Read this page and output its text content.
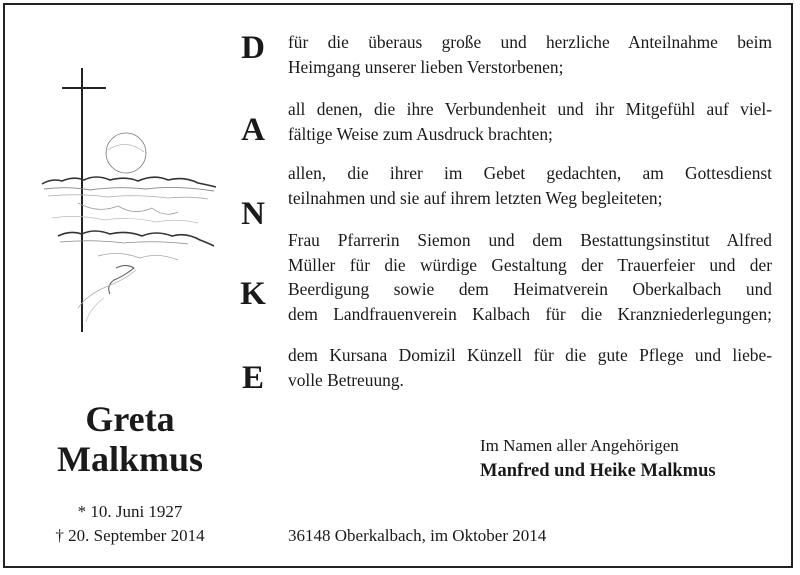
D
A
N
K
E
für die überaus große und herzliche Anteilnahme beim
Heimgang unserer lieben Verstorbenen;
all denen, die ihre Verbundenheit und ihr Mitgefühl auf viel-
fältige Weise zum Ausdruck brachten;
allen, die ihrer im Gebet gedachten, am Gottesdienst
teilnahmen und sie auf ihrem letzten Weg begleiteten;
Frau Pfarrerin Siemon und dem Bestattungsinstitut Alfred
Müller für die würdige Gestaltung der Trauerfeier und der
Beerdigung sowie dem Heimatverein Oberkalbach und
dem Landfrauenverein Kalbach für die Kranzniederlegungen;
dem Kursana Domizil Künzell für die gute Pflege und liebe-
volle Betreuung.
Greta
Malkmus
* 10. Juni 1927
† 20. September 2014
Im Namen aller Angehörigen
Manfred und Heike Malkmus
36148 Oberkalbach, im Oktober 2014
